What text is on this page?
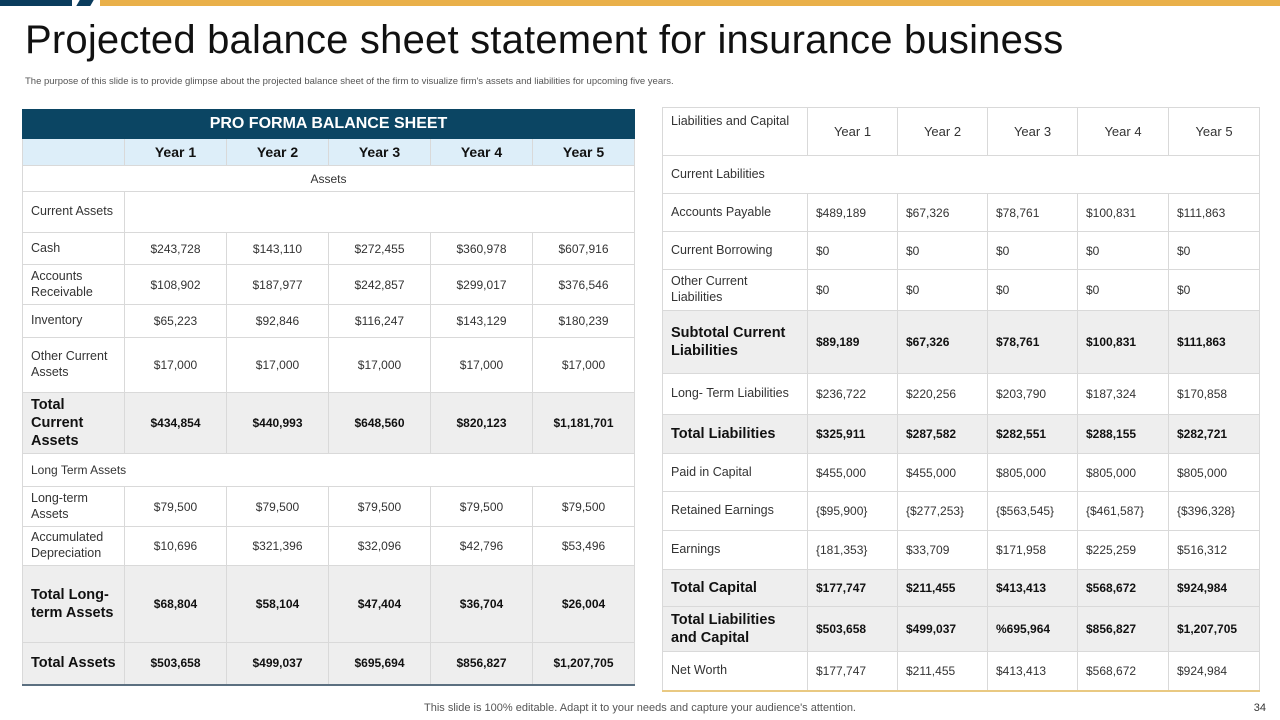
Projected balance sheet statement for insurance business

The purpose of this slide is to provide glimpse about the projected balance sheet of the firm to visualize firm's assets and liabilities for upcoming five years.

PRO FORMA BALANCE SHEET					
	Year 1	Year 2	Year 3	Year 4	Year 5
Assets					
Current Assets					
Cash	$243,728	$143,110	$272,455	$360,978	$607,916
Accounts Receivable	$108,902	$187,977	$242,857	$299,017	$376,546
Inventory	$65,223	$92,846	$116,247	$143,129	$180,239
Other Current Assets	$17,000	$17,000	$17,000	$17,000	$17,000
Total Current Assets	$434,854	$440,993	$648,560	$820,123	$1,181,701
Long Term Assets					
Long-term Assets	$79,500	$79,500	$79,500	$79,500	$79,500
Accumulated Depreciation	$10,696	$321,396	$32,096	$42,796	$53,496
Total Long-term Assets	$68,804	$58,104	$47,404	$36,704	$26,004
Total Assets	$503,658	$499,037	$695,694	$856,827	$1,207,705
Liabilities and Capital	Year 1	Year 2	Year 3	Year 4	Year 5
Current Labilities					
Accounts Payable	$489,189	$67,326	$78,761	$100,831	$111,863
Current Borrowing	$0	$0	$0	$0	$0
Other Current Liabilities	$0	$0	$0	$0	$0
Subtotal Current Liabilities	$89,189	$67,326	$78,761	$100,831	$111,863
Long- Term Liabilities	$236,722	$220,256	$203,790	$187,324	$170,858
Total Liabilities	$325,911	$287,582	$282,551	$288,155	$282,721
Paid in Capital	$455,000	$455,000	$805,000	$805,000	$805,000
Retained Earnings	{$95,900}	{$277,253}	{$563,545}	{$461,587}	{$396,328}
Earnings	{181,353}	$33,709	$171,958	$225,259	$516,312
Total Capital	$177,747	$211,455	$413,413	$568,672	$924,984
Total Liabilities and Capital	$503,658	$499,037	%695,964	$856,827	$1,207,705
Net Worth	$177,747	$211,455	$413,413	$568,672	$924,984
This slide is 100% editable. Adapt it to your needs and capture your audience's attention.	34
